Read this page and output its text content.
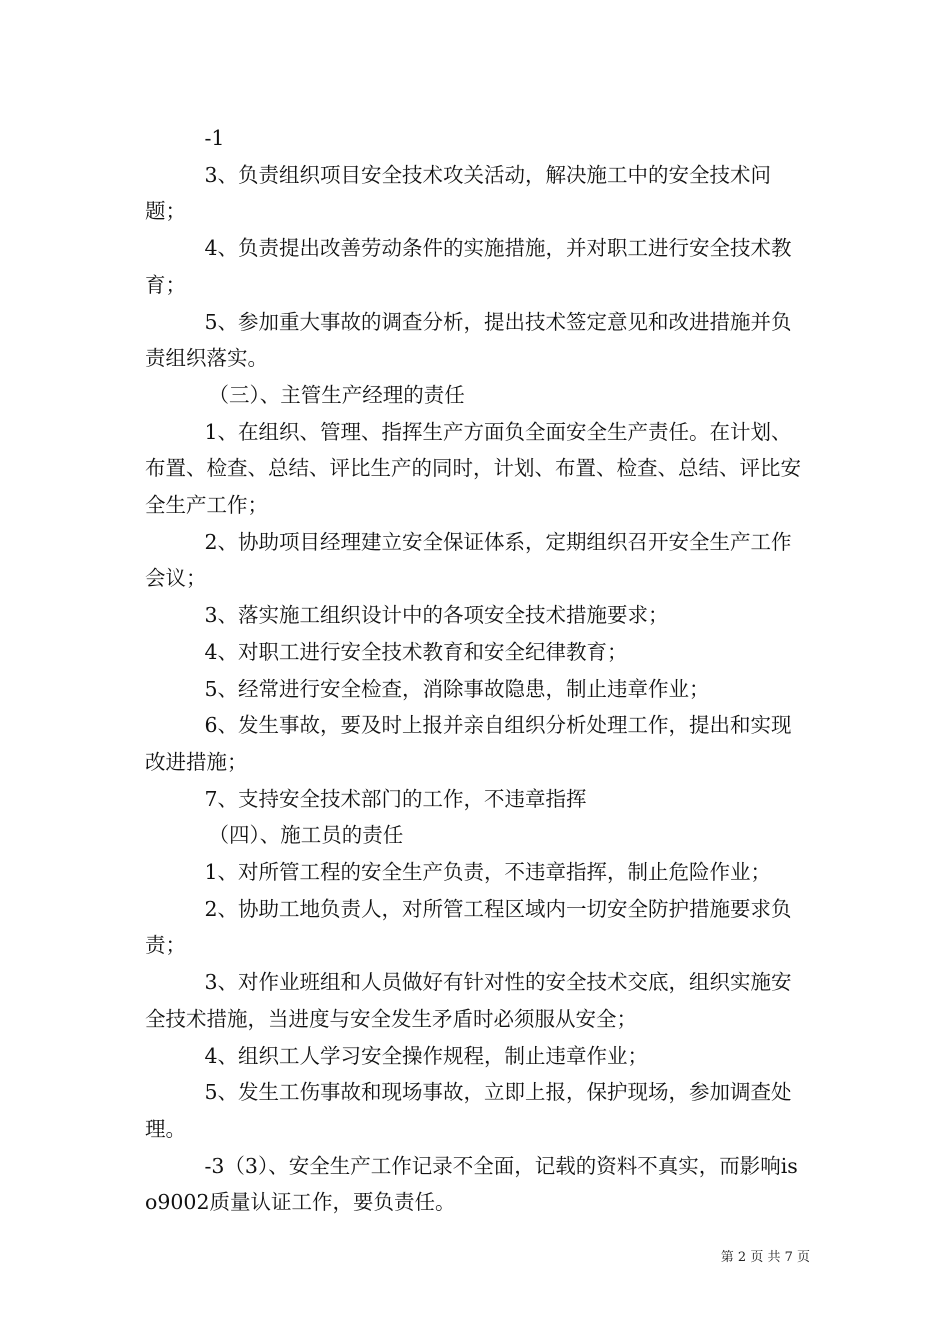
-1

3、负责组织项目安全技术攻关活动，解决施工中的安全技术问题；

4、负责提出改善劳动条件的实施措施，并对职工进行安全技术教育；

5、参加重大事故的调查分析，提出技术签定意见和改进措施并负责组织落实。

（三）、主管生产经理的责任

1、在组织、管理、指挥生产方面负全面安全生产责任。在计划、布置、检查、总结、评比生产的同时，计划、布置、检查、总结、评比安全生产工作；

2、协助项目经理建立安全保证体系，定期组织召开安全生产工作会议；

3、落实施工组织设计中的各项安全技术措施要求；

4、对职工进行安全技术教育和安全纪律教育；

5、经常进行安全检查，消除事故隐患，制止违章作业；

6、发生事故，要及时上报并亲自组织分析处理工作，提出和实现改进措施；

7、支持安全技术部门的工作，不违章指挥

（四）、施工员的责任

1、对所管工程的安全生产负责，不违章指挥，制止危险作业；

2、协助工地负责人，对所管工程区域内一切安全防护措施要求负责；

3、对作业班组和人员做好有针对性的安全技术交底，组织实施安全技术措施，当进度与安全发生矛盾时必须服从安全；

4、组织工人学习安全操作规程，制止违章作业；

5、发生工伤事故和现场事故，立即上报，保护现场，参加调查处理。

-3（3）、安全生产工作记录不全面，记载的资料不真实，而影响iso9002质量认证工作，要负责任。

第 2 页 共 7 页
